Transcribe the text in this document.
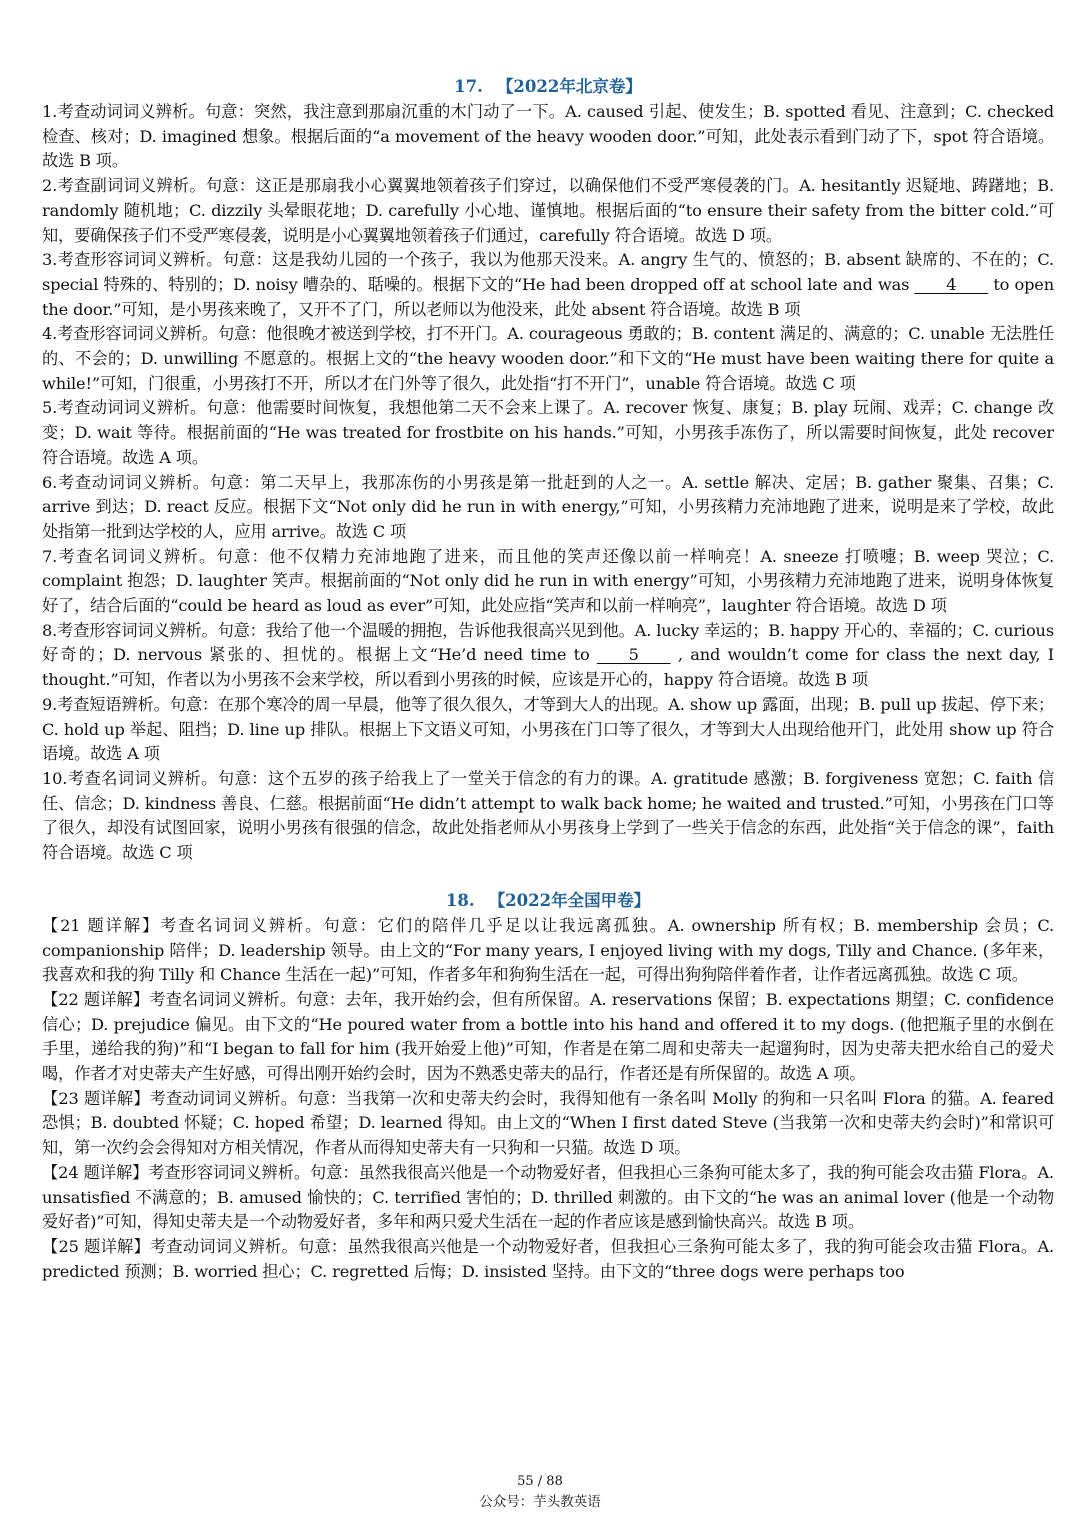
17. 【2022年北京卷】

1.考查动词词义辨析。句意：突然，我注意到那扇沉重的木门动了一下。A. caused 引起、使发生；B. spotted 看见、注意到；C. checked 检查、核对；D. imagined 想象。根据后面的“a movement of the heavy wooden door.”可知，此处表示看到门动了下，spot 符合语境。故选 B 项。

2.考查副词词义辨析。句意：这正是那扇我小心翼翼地领着孩子们穿过，以确保他们不受严寒侵袭的门。A. hesitantly 迟疑地、踌躇地；B. randomly 随机地；C. dizzily 头晕眼花地；D. carefully 小心地、谨慎地。根据后面的“to ensure their safety from the bitter cold.”可知，要确保孩子们不受严寒侵袭，说明是小心翼翼地领着孩子们通过，carefully 符合语境。故选 D 项。

3.考查形容词词义辨析。句意：这是我幼儿园的一个孩子，我以为他那天没来。A. angry 生气的、愤怒的；B. absent 缺席的、不在的；C. special 特殊的、特别的；D. noisy 嘈杂的、聒噪的。根据下文的“He had been dropped off at school late and was ____4____ to open the door.”可知，是小男孩来晚了，又开不了门，所以老师以为他没来，此处 absent 符合语境。故选 B 项

4.考查形容词词义辨析。句意：他很晚才被送到学校，打不开门。A. courageous 勇敢的；B. content 满足的、满意的；C. unable 无法胜任的、不会的；D. unwilling 不愿意的。根据上文的“the heavy wooden door.”和下文的“He must have been waiting there for quite a while!”可知，门很重，小男孩打不开，所以才在门外等了很久，此处指“打不开门”，unable 符合语境。故选 C 项

5.考查动词词义辨析。句意：他需要时间恢复，我想他第二天不会来上课了。A. recover 恢复、康复；B. play 玩闹、戏弄；C. change 改变；D. wait 等待。根据前面的“He was treated for frostbite on his hands.”可知，小男孩手冻伤了，所以需要时间恢复，此处 recover 符合语境。故选 A 项。

6.考查动词词义辨析。句意：第二天早上，我那冻伤的小男孩是第一批赶到的人之一。A. settle 解决、定居；B. gather 聚集、召集；C. arrive 到达；D. react 反应。根据下文“Not only did he run in with energy,”可知，小男孩精力充沛地跑了进来，说明是来了学校，故此处指第一批到达学校的人，应用 arrive。故选 C 项

7.考查名词词义辨析。句意：他不仅精力充沛地跑了进来，而且他的笑声还像以前一样响亮！A. sneeze 打喷嚏；B. weep 哭泣；C. complaint 抱怨；D. laughter 笑声。根据前面的“Not only did he run in with energy”可知，小男孩精力充沛地跑了进来，说明身体恢复好了，结合后面的“could be heard as loud as ever”可知，此处应指“笑声和以前一样响亮”，laughter 符合语境。故选 D 项

8.考查形容词词义辨析。句意：我给了他一个温暖的拥抱，告诉他我很高兴见到他。A. lucky 幸运的；B. happy 开心的、幸福的；C. curious 好奇的；D. nervous 紧张的、担忧的。根据上文“He’d need time to ____5____ , and wouldn’t come for class the next day, I thought.”可知，作者以为小男孩不会来学校，所以看到小男孩的时候，应该是开心的，happy 符合语境。故选 B 项

9.考查短语辨析。句意：在那个寒冷的周一早晨，他等了很久很久，才等到大人的出现。A. show up 露面，出现；B. pull up 拔起、停下来；C. hold up 举起、阻挡；D. line up 排队。根据上下文语义可知，小男孩在门口等了很久，才等到大人出现给他开门，此处用 show up 符合语境。故选 A 项

10.考查名词词义辨析。句意：这个五岁的孩子给我上了一堂关于信念的有力的课。A. gratitude 感激；B. forgiveness 宽恕；C. faith 信任、信念；D. kindness 善良、仁慈。根据前面“He didn’t attempt to walk back home; he waited and trusted.”可知，小男孩在门口等了很久，却没有试图回家，说明小男孩有很强的信念，故此处指老师从小男孩身上学到了一些关于信念的东西，此处指“关于信念的课”，faith 符合语境。故选 C 项

18. 【2022年全国甲卷】

【21 题详解】考查名词词义辨析。句意：它们的陪伴几乎足以让我远离孤独。A. ownership 所有权；B. membership 会员；C. companionship 陪伴；D. leadership 领导。由上文的“For many years, I enjoyed living with my dogs, Tilly and Chance. (多年来，我喜欢和我的狗 Tilly 和 Chance 生活在一起)”可知，作者多年和狗狗生活在一起，可得出狗狗陪伴着作者，让作者远离孤独。故选 C 项。

【22 题详解】考查名词词义辨析。句意：去年，我开始约会，但有所保留。A. reservations 保留；B. expectations 期望；C. confidence 信心；D. prejudice 偏见。由下文的“He poured water from a bottle into his hand and offered it to my dogs. (他把瓶子里的水倒在手里，递给我的狗)”和“I began to fall for him (我开始爱上他)”可知，作者是在第二周和史蒂夫一起遛狗时，因为史蒂夫把水给自己的爱犬喝，作者才对史蒂夫产生好感，可得出刚开始约会时，因为不熟悉史蒂夫的品行，作者还是有所保留的。故选 A 项。

【23 题详解】考查动词词义辨析。句意：当我第一次和史蒂夫约会时，我得知他有一条名叫 Molly 的狗和一只名叫 Flora 的猫。A. feared 恐惧；B. doubted 怀疑；C. hoped 希望；D. learned 得知。由上文的“When I first dated Steve (当我第一次和史蒂夫约会时)”和常识可知，第一次约会会得知对方相关情况，作者从而得知史蒂夫有一只狗和一只猫。故选 D 项。

【24 题详解】考查形容词词义辨析。句意：虽然我很高兴他是一个动物爱好者，但我担心三条狗可能太多了，我的狗可能会攻击猫 Flora。A. unsatisfied 不满意的；B. amused 愉快的；C. terrified 害怕的；D. thrilled 刺激的。由下文的“he was an animal lover (他是一个动物爱好者)”可知，得知史蒂夫是一个动物爱好者，多年和两只爱犬生活在一起的作者应该是感到愉快高兴。故选 B 项。

【25 题详解】考查动词词义辨析。句意：虽然我很高兴他是一个动物爱好者，但我担心三条狗可能太多了，我的狗可能会攻击猫 Flora。A. predicted 预测；B. worried 担心；C. regretted 后悔；D. insisted 坚持。由下文的“three dogs were perhaps too

55 / 88
公众号：芋头教英语
